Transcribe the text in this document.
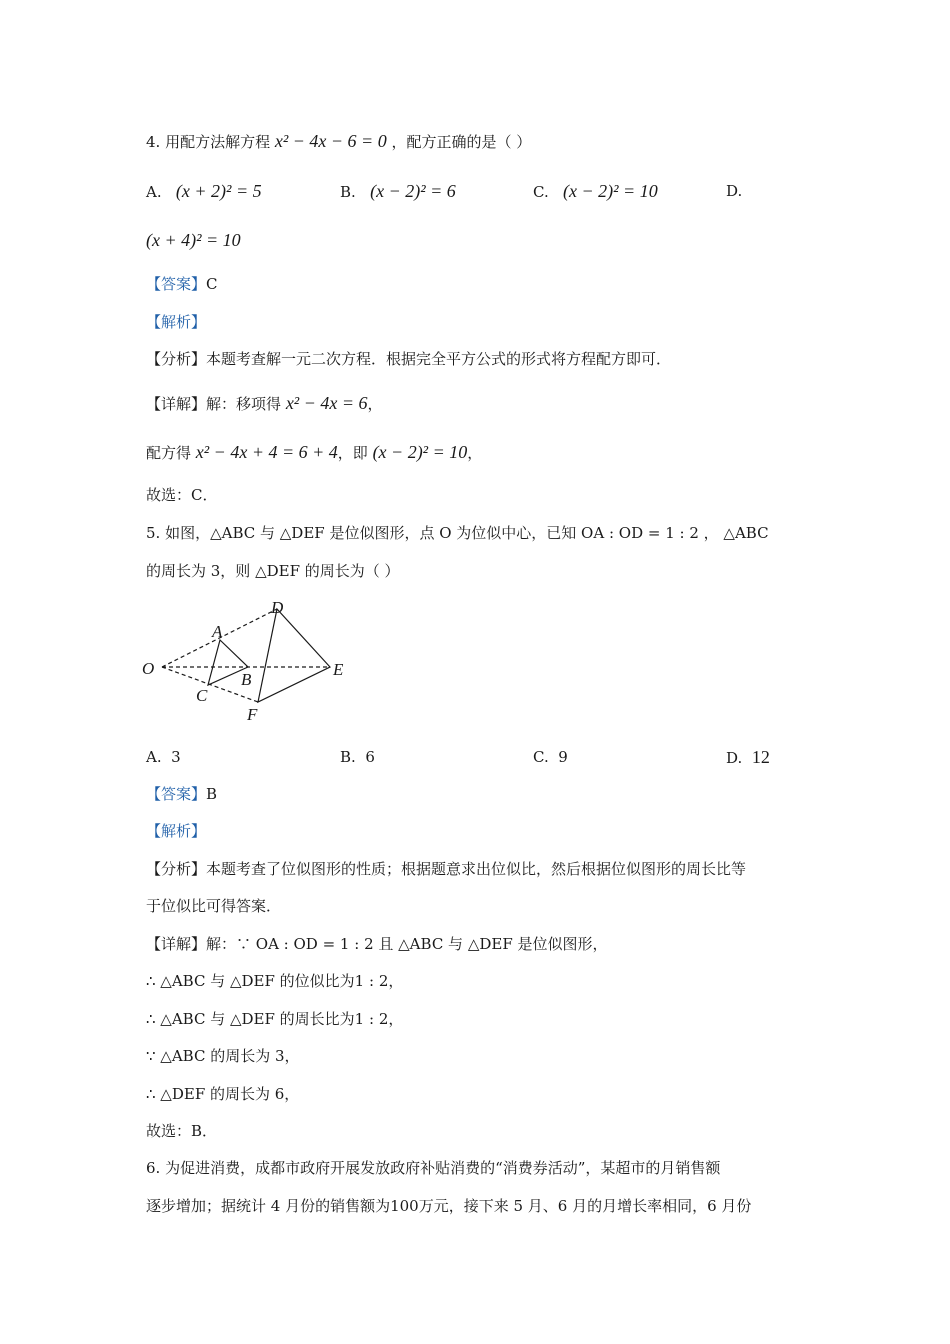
4. 用配方法解方程 x² − 4x − 6 = 0 ，配方正确的是（ ）
A. (x + 2)² = 5	B. (x − 2)² = 6	C. (x − 2)² = 10	D.
(x + 4)² = 10
【答案】C
【解析】
【分析】本题考查解一元二次方程．根据完全平方公式的形式将方程配方即可．
【详解】解：移项得 x² − 4x = 6，
配方得 x² − 4x + 4 = 6 + 4，即 (x − 2)² = 10，
故选：C．
5. 如图，△ABC 与 △DEF 是位似图形，点 O 为位似中心，已知 OA : OD = 1 : 2 ， △ABC
的周长为 3，则 △DEF 的周长为（ ）
O
A
B
C
D
E
F
A. 3	B. 6	C. 9	D. 12
【答案】B
【解析】
【分析】本题考查了位似图形的性质；根据题意求出位似比，然后根据位似图形的周长比等
于位似比可得答案．
【详解】解：∵ OA : OD = 1 : 2 且 △ABC 与 △DEF 是位似图形，
∴ △ABC 与 △DEF 的位似比为1 : 2，
∴ △ABC 与 △DEF 的周长比为1 : 2，
∵ △ABC 的周长为 3，
∴ △DEF 的周长为 6，
故选：B．
6. 为促进消费，成都市政府开展发放政府补贴消费的“消费券活动”，某超市的月销售额
逐步增加；据统计 4 月份的销售额为100万元，接下来 5 月、6 月的月增长率相同，6 月份
